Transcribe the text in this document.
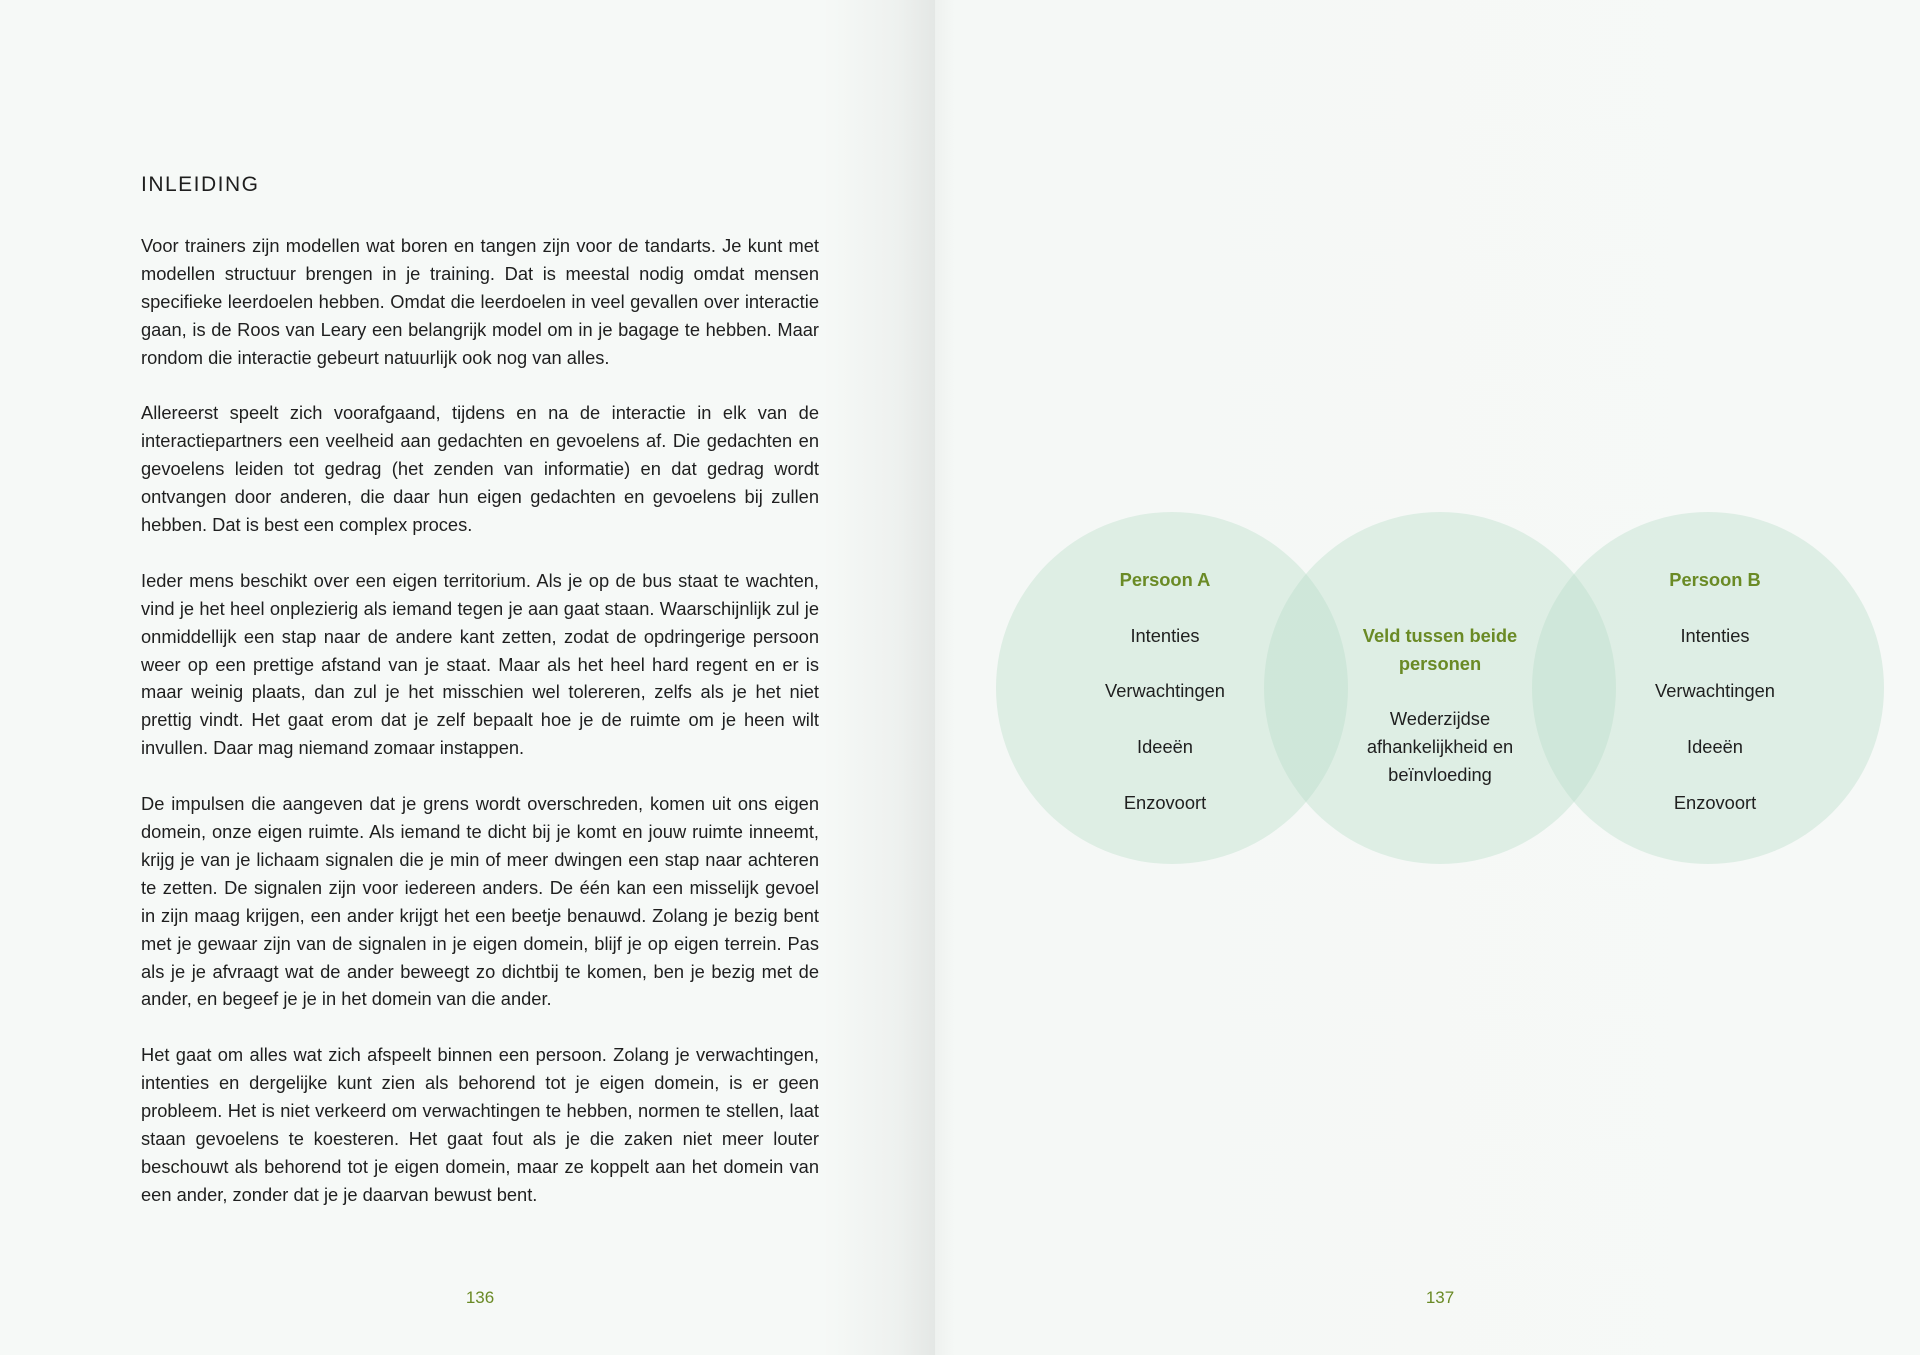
INLEIDING

Voor trainers zijn modellen wat boren en tangen zijn voor de tandarts. Je kunt met modellen structuur brengen in je training. Dat is meestal nodig omdat mensen specifieke leerdoelen hebben. Omdat die leerdoelen in veel gevallen over interactie gaan, is de Roos van Leary een belangrijk model om in je bagage te hebben. Maar rondom die interactie gebeurt natuurlijk ook nog van alles.

Allereerst speelt zich voorafgaand, tijdens en na de interactie in elk van de interactiepartners een veelheid aan gedachten en gevoelens af. Die gedachten en gevoelens leiden tot gedrag (het zenden van informatie) en dat gedrag wordt ontvangen door anderen, die daar hun eigen gedachten en gevoelens bij zullen hebben. Dat is best een complex proces.

Ieder mens beschikt over een eigen territorium. Als je op de bus staat te wachten, vind je het heel onplezierig als iemand tegen je aan gaat staan. Waarschijnlijk zul je onmiddellijk een stap naar de andere kant zetten, zodat de opdringerige persoon weer op een prettige afstand van je staat. Maar als het heel hard regent en er is maar weinig plaats, dan zul je het misschien wel tolereren, zelfs als je het niet prettig vindt. Het gaat erom dat je zelf bepaalt hoe je de ruimte om je heen wilt invullen. Daar mag niemand zomaar instappen.

De impulsen die aangeven dat je grens wordt overschreden, komen uit ons eigen domein, onze eigen ruimte. Als iemand te dicht bij je komt en jouw ruimte inneemt, krijg je van je lichaam signalen die je min of meer dwingen een stap naar achteren te zetten. De signalen zijn voor iedereen anders. De één kan een misselijk gevoel in zijn maag krijgen, een ander krijgt het een beetje benauwd. Zolang je bezig bent met je gewaar zijn van de signalen in je eigen domein, blijf je op eigen terrein. Pas als je je afvraagt wat de ander beweegt zo dichtbij te komen, ben je bezig met de ander, en begeef je je in het domein van die ander.

Het gaat om alles wat zich afspeelt binnen een persoon. Zolang je verwachtingen, intenties en dergelijke kunt zien als behorend tot je eigen domein, is er geen probleem. Het is niet verkeerd om verwachtingen te hebben, normen te stellen, laat staan gevoelens te koesteren. Het gaat fout als je die zaken niet meer louter beschouwt als behorend tot je eigen domein, maar ze koppelt aan het domein van een ander, zonder dat je je daarvan bewust bent.

136	137
Persoon A
Intenties
Verwachtingen
Ideeën
Enzovoort
Veld tussen beide personen
Wederzijdse afhankelijkheid en beïnvloeding
Persoon B
Intenties
Verwachtingen
Ideeën
Enzovoort
